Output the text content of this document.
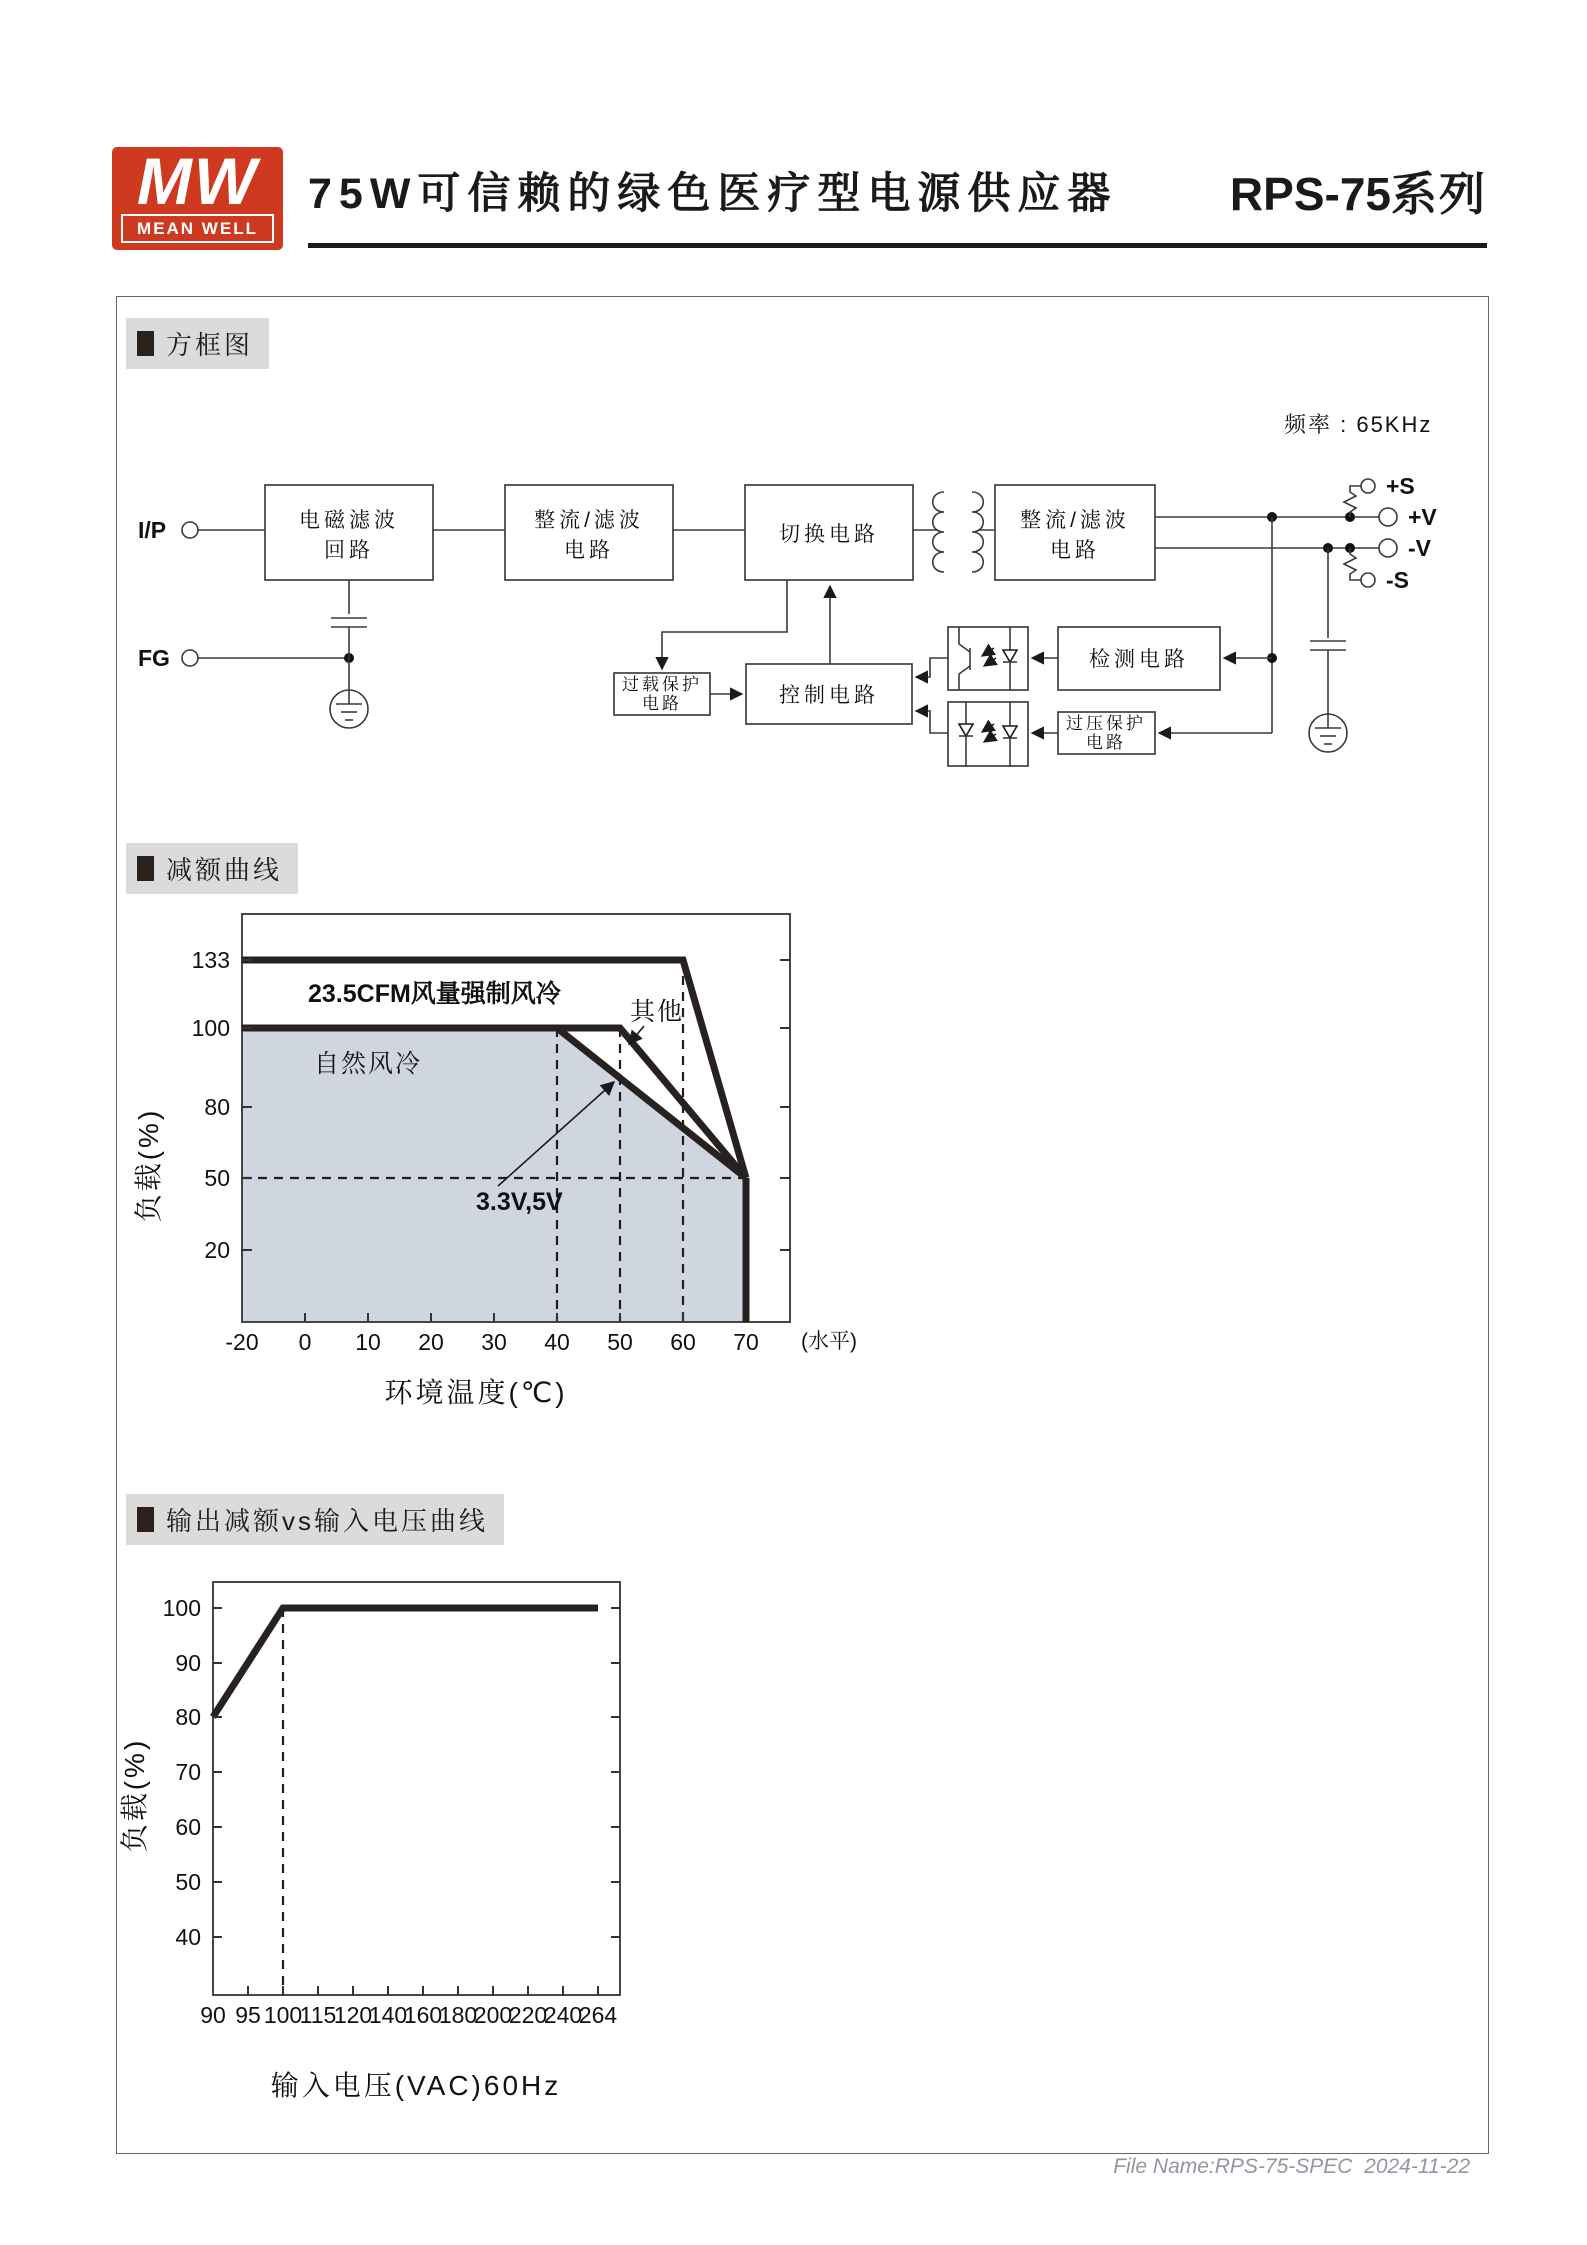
MW
MEAN WELL
75W可信赖的绿色医疗型电源供应器	RPS-75系列
方框图
减额曲线
输出减额vs输入电压曲线
频率 : 65KHz
I/P
FG
电磁滤波
回路
整流/滤波
电路
切换电路
整流/滤波
电路
+S
+V
-V
-S
检测电路
过压保护
电路
控制电路
过载保护
电路
133
100
80
50
20
-20 0 10 20 30 40 50 60 70 (水平)
23.5CFM风量强制风冷
自然风冷
其他
3.3V,5V
环境温度(℃)
负载(%)
100
90
80
70
60
50
40
90 95 100
115
120
140
160
180
200
220
240
264
输入电压(VAC)60Hz
负载(%)
File Name:RPS-75-SPEC  2024-11-22
